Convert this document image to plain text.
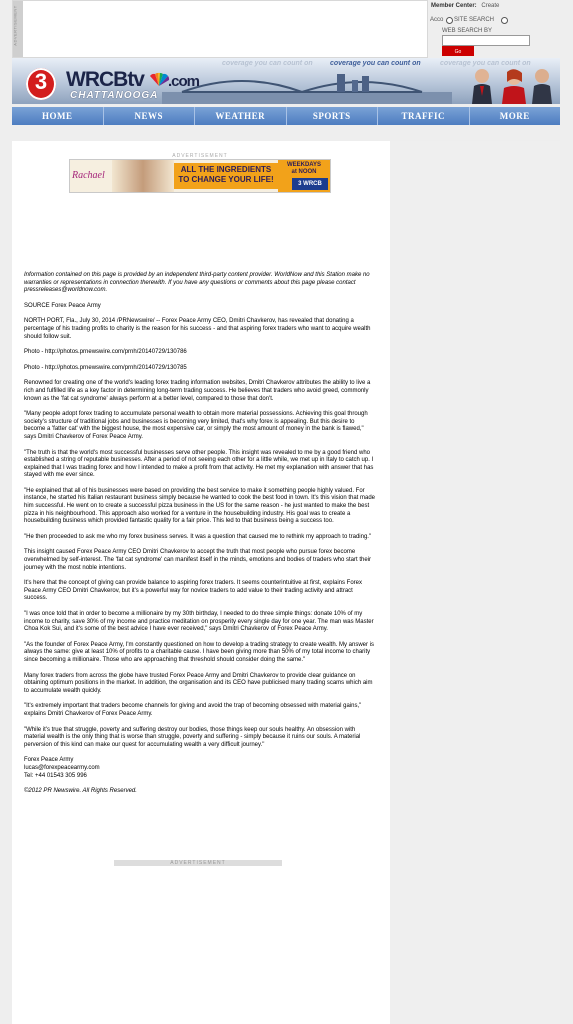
ADVERTISEMENT	Member Center: Create
Acco SITE SEARCH
WEB SEARCH BY
Go
coverage you can count on coverage you can count on	coverage you can count on
3 WRCBtv .com
CHATTANOOGA
HOME	NEWS	WEATHER	SPORTS	TRAFFIC	MORE
ADVERTISEMENT
Rachael
ALL THE INGREDIENTS
TO CHANGE YOUR LIFE!
WEEKDAYS
at NOON
3 WRCB

Information contained on this page is provided by an independent third-party content provider. WorldNow and this Station make no warranties or representations in connection therewith. If you have any questions or comments about this page please contact pressreleases@worldnow.com.

SOURCE Forex Peace Army

NORTH PORT, Fla., July 30, 2014 /PRNewswire/ -- Forex Peace Army CEO, Dmitri Chavkerov, has revealed that donating a percentage of his trading profits to charity is the reason for his success - and that aspiring forex traders who want to acquire wealth should follow suit.

Photo - http://photos.prnewswire.com/prnh/20140729/130786

Photo - http://photos.prnewswire.com/prnh/20140729/130785

Renowned for creating one of the world's leading forex trading information websites, Dmitri Chavkerov attributes the ability to live a rich and fulfilled life as a key factor in determining long-term trading success. He believes that traders who avoid greed, commonly known as the 'fat cat syndrome' always perform at a better level, compared to those that don't.

"Many people adopt forex trading to accumulate personal wealth to obtain more material possessions. Achieving this goal through society's structure of traditional jobs and businesses is becoming very limited, that's why forex is appealing. But this desire to become a 'fatter cat' with the biggest house, the most expensive car, or simply the most amount of money in the bank is flawed," says Dmitri Chavkerov of Forex Peace Army.

"The truth is that the world's most successful businesses serve other people. This insight was revealed to me by a good friend who established a string of reputable businesses. After a period of not seeing each other for a little while, we met up in Italy to catch up. I explained that I was trading forex and how I intended to make a profit from that activity. He met my explanation with answer that has stayed with me ever since.

"He explained that all of his businesses were based on providing the best service to make it something people highly valued. For instance, he started his Italian restaurant business simply because he wanted to cook the best food in town. It's this vision that made him successful. He went on to create a successful pizza business in the US for the same reason - he just wanted to make the best pizza in his neighbourhood. This approach also worked for a venture in the housebuilding industry. His goal was to create a housebuilding business which provided fantastic quality for a fair price. This led to that business being a success too.

"He then proceeded to ask me who my forex business serves. It was a question that caused me to rethink my approach to trading."

This insight caused Forex Peace Army CEO Dmitri Chavkerov to accept the truth that most people who pursue forex become overwhelmed by self-interest. The 'fat cat syndrome' can manifest itself in the minds, emotions and bodies of traders who start their journey with the most noble intentions.

It's here that the concept of giving can provide balance to aspiring forex traders. It seems counterintuitive at first, explains Forex Peace Army CEO Dmitri Chavkerov, but it's a powerful way for novice traders to add value to their trading activity and attract success.

"I was once told that in order to become a millionaire by my 30th birthday, I needed to do three simple things: donate 10% of my income to charity, save 30% of my income and practice meditation on prosperity every single day for one year. The man was Master Choa Kok Sui, and it's some of the best advice I have ever received," says Dmitri Chavkerov of Forex Peace Army.

"As the founder of Forex Peace Army, I'm constantly questioned on how to develop a trading strategy to create wealth. My answer is always the same: give at least 10% of profits to a charitable cause. I have been giving more than 50% of my total income to charity since becoming a millionaire. Those who are approaching that threshold should consider doing the same."

Many forex traders from across the globe have trusted Forex Peace Army and Dmitri Chavkerov to provide clear guidance on obtaining optimum positions in the market. In addition, the organisation and its CEO have publicised many trading scams which aim to accumulate wealth quickly.

"It's extremely important that traders become channels for giving and avoid the trap of becoming obsessed with material gains," explains Dmitri Chavkerov of Forex Peace Army.

"While it's true that struggle, poverty and suffering destroy our bodies, those things keep our souls healthy. An obsession with material wealth is the only thing that is worse than struggle, poverty and suffering - simply because it ruins our souls. A material perversion of this kind can make our quest for accumulating wealth a very difficult journey."

Forex Peace Army
lucas@forexpeacearmy.com
Tel: +44 01543 305 996

©2012 PR Newswire. All Rights Reserved.

ADVERTISEMENT
